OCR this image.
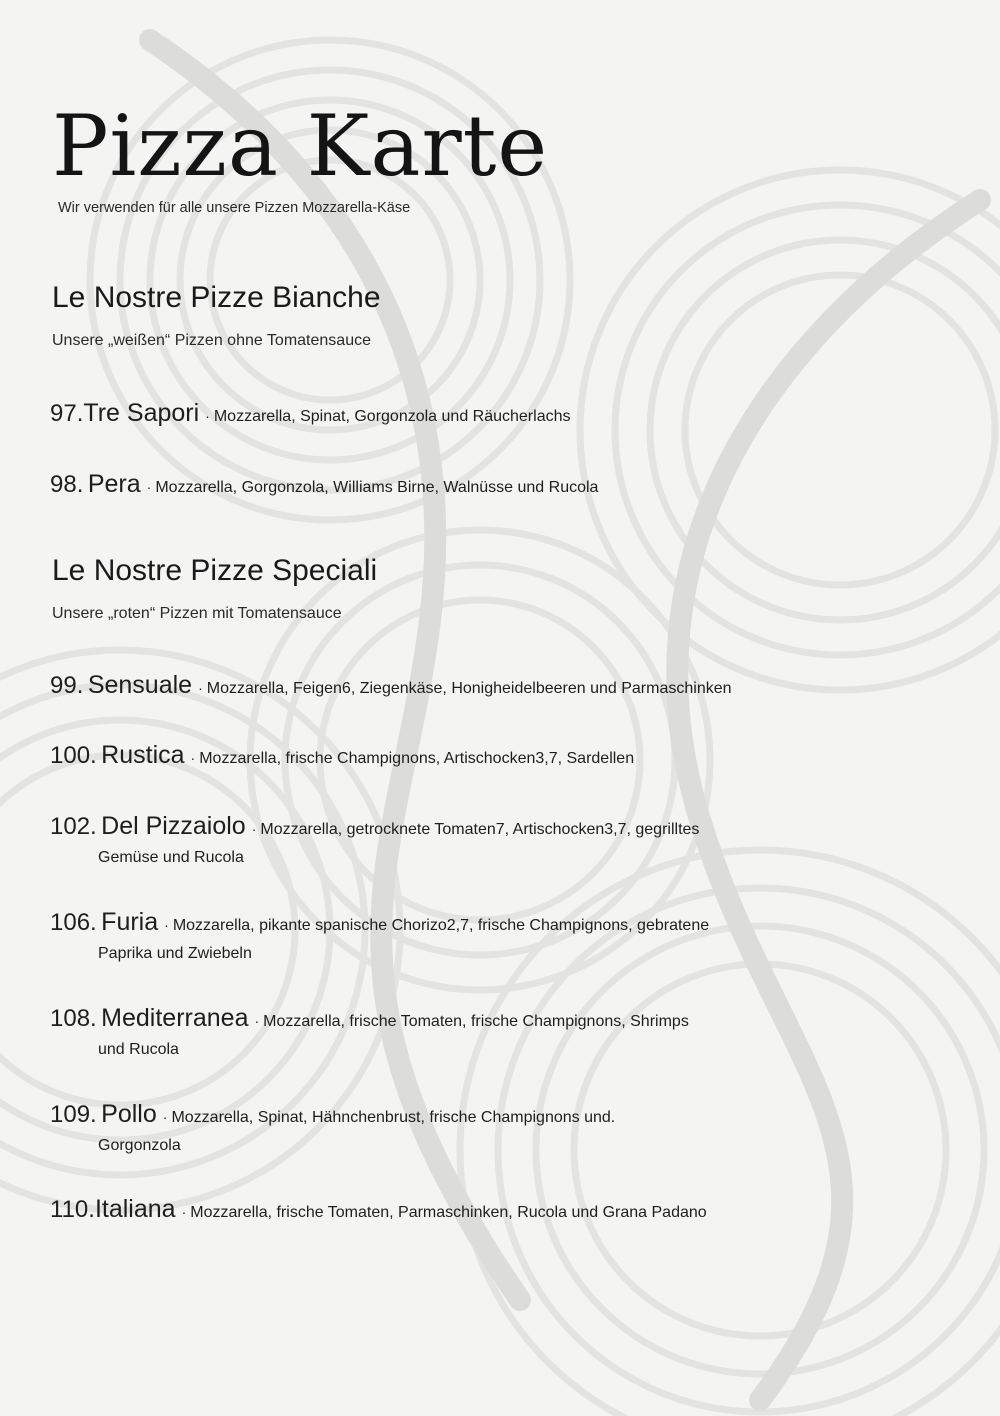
Pizza Karte
Wir verwenden für alle unsere Pizzen Mozzarella-Käse
Le Nostre Pizze Bianche
Unsere „weißen“ Pizzen ohne Tomatensauce
97.Tre Sapori · Mozzarella, Spinat, Gorgonzola und Räucherlachs
98. Pera · Mozzarella, Gorgonzola, Williams Birne, Walnüsse und Rucola
Le Nostre Pizze Speciali
Unsere „roten“ Pizzen mit Tomatensauce
99. Sensuale · Mozzarella, Feigen6, Ziegenkäse, Honigheidelbeeren und Parmaschinken
100. Rustica · Mozzarella, frische Champignons, Artischocken3,7, Sardellen
102. Del Pizzaiolo · Mozzarella, getrocknete Tomaten7, Artischocken3,7, gegrilltes
Gemüse und Rucola
106. Furia · Mozzarella, pikante spanische Chorizo2,7, frische Champignons, gebratene
Paprika und Zwiebeln
108. Mediterranea · Mozzarella, frische Tomaten, frische Champignons, Shrimps
und Rucola
109. Pollo · Mozzarella, Spinat, Hähnchenbrust, frische Champignons und.
Gorgonzola
110.Italiana · Mozzarella, frische Tomaten, Parmaschinken, Rucola und Grana Padano
